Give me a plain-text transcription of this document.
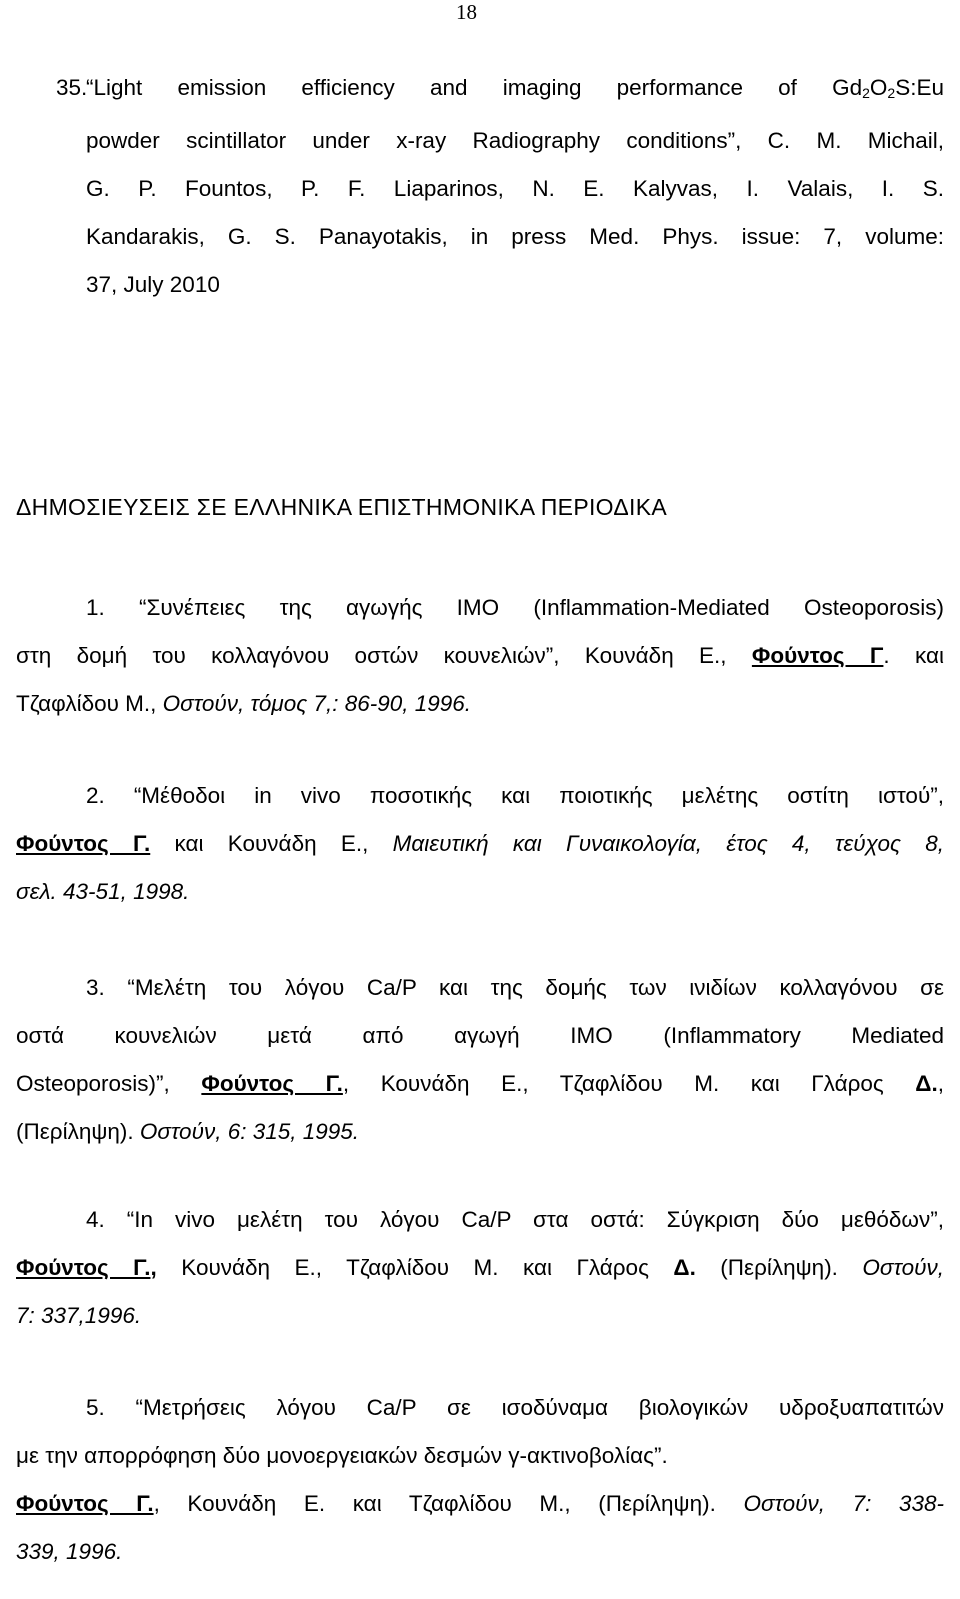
18
35.
“Light emission efficiency and imaging performance of $Gd_2O_2S:Eu$
powder scintillator under x-ray Radiography conditions”, C. M. Michail,
G. P. Fountos, P. F. Liaparinos, N. E. Kalyvas, I. Valais, I. S.
Kandarakis, G. S. Panayotakis, in press Med. Phys. issue: 7, volume:
37, July 2010
ΔΗΜΟΣΙΕΥΣΕΙΣ ΣΕ ΕΛΛΗΝΙΚΑ ΕΠΙΣΤΗΜΟΝΙΚΑ ΠΕΡΙΟΔΙΚΑ
1. “Συνέπειες της αγωγής IMO (Inflammation-Mediated Osteoporosis)
στη δομή του κολλαγόνου οστών κουνελιών”, Κουνάδη Ε., Φούντος Γ. και
Τζαφλίδου Μ., Οστούν, τόμος 7,: 86-90, 1996.
2. “Μέθοδοι in vivo ποσοτικής και ποιοτικής μελέτης οστίτη ιστού”,
Φούντος Γ. και Κουνάδη Ε., Μαιευτική και Γυναικολογία, έτος 4, τεύχος 8,
σελ. 43-51, 1998.
3. “Μελέτη του λόγου Ca/P και της δομής των ινιδίων κολλαγόνου σε
οστά κουνελιών μετά από αγωγή IMO (Inflammatory Mediated
Osteoporosis)”, Φούντος Γ., Κουνάδη Ε., Τζαφλίδου Μ. και Γλάρος Δ.,
(Περίληψη). Οστούν, 6: 315, 1995.
4. “In vivo μελέτη του λόγου Ca/P στα οστά: Σύγκριση δύο μεθόδων”,
Φούντος Γ., Κουνάδη Ε., Τζαφλίδου Μ. και Γλάρος Δ. (Περίληψη). Οστούν,
7: 337,1996.
5. “Μετρήσεις λόγου Ca/P σε ισοδύναμα βιολογικών υδροξυαπατιτών
με την απορρόφηση δύο μονοεργειακών δεσμών γ-ακτινοβολίας”.
Φούντος Γ., Κουνάδη Ε. και Τζαφλίδου Μ., (Περίληψη). Οστούν, 7: 338-
339, 1996.
